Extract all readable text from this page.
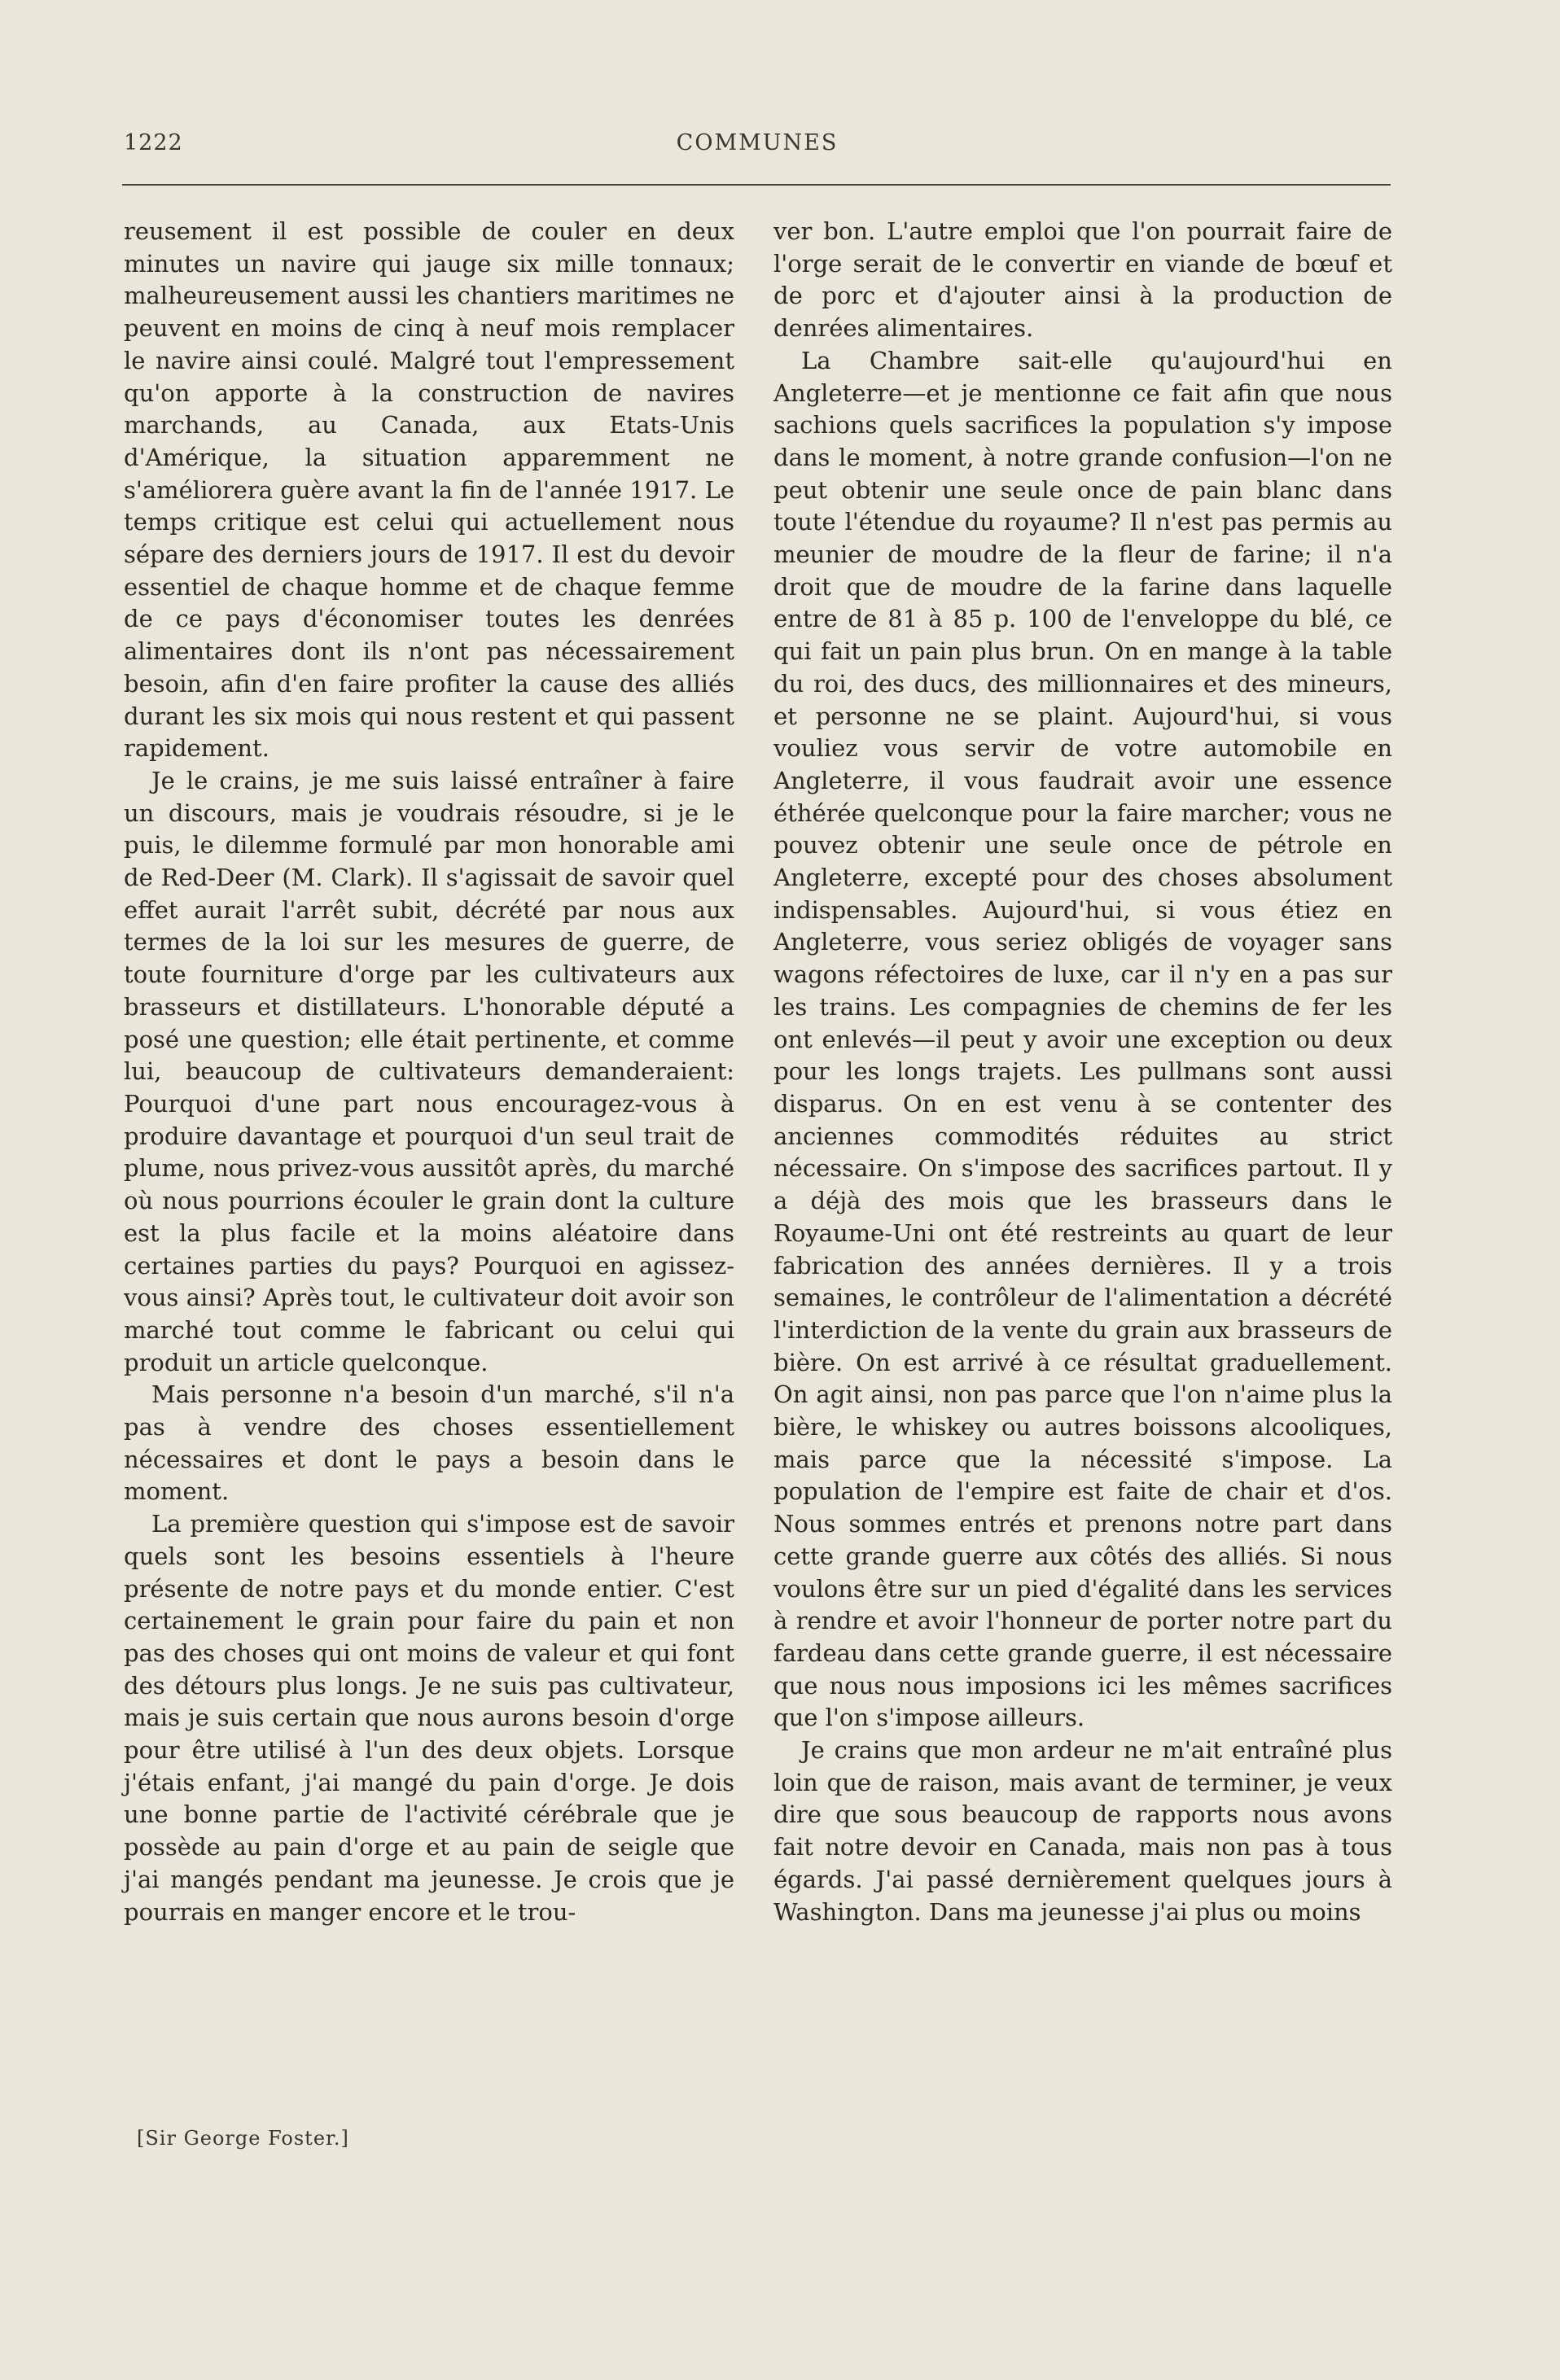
1222	COMMUNES

reusement il est possible de couler en deux minutes un navire qui jauge six mille tonnaux; malheureusement aussi les chantiers maritimes ne peuvent en moins de cinq à neuf mois remplacer le navire ainsi coulé. Malgré tout l'empressement qu'on apporte à la construction de navires marchands, au Canada, aux Etats-Unis d'Amérique, la situation apparemment ne s'améliorera guère avant la fin de l'année 1917. Le temps critique est celui qui actuellement nous sépare des derniers jours de 1917. Il est du devoir essentiel de chaque homme et de chaque femme de ce pays d'économiser toutes les denrées alimentaires dont ils n'ont pas nécessairement besoin, afin d'en faire profiter la cause des alliés durant les six mois qui nous restent et qui passent rapidement.

Je le crains, je me suis laissé entraîner à faire un discours, mais je voudrais résoudre, si je le puis, le dilemme formulé par mon honorable ami de Red-Deer (M. Clark). Il s'agissait de savoir quel effet aurait l'arrêt subit, décrété par nous aux termes de la loi sur les mesures de guerre, de toute fourniture d'orge par les cultivateurs aux brasseurs et distillateurs. L'honorable député a posé une question; elle était pertinente, et comme lui, beaucoup de cultivateurs demanderaient: Pourquoi d'une part nous encouragez-vous à produire davantage et pourquoi d'un seul trait de plume, nous privez-vous aussitôt après, du marché où nous pourrions écouler le grain dont la culture est la plus facile et la moins aléatoire dans certaines parties du pays? Pourquoi en agissez-vous ainsi? Après tout, le cultivateur doit avoir son marché tout comme le fabricant ou celui qui produit un article quelconque.

Mais personne n'a besoin d'un marché, s'il n'a pas à vendre des choses essentiellement nécessaires et dont le pays a besoin dans le moment.

La première question qui s'impose est de savoir quels sont les besoins essentiels à l'heure présente de notre pays et du monde entier. C'est certainement le grain pour faire du pain et non pas des choses qui ont moins de valeur et qui font des détours plus longs. Je ne suis pas cultivateur, mais je suis certain que nous aurons besoin d'orge pour être utilisé à l'un des deux objets. Lorsque j'étais enfant, j'ai mangé du pain d'orge. Je dois une bonne partie de l'activité cérébrale que je possède au pain d'orge et au pain de seigle que j'ai mangés pendant ma jeunesse. Je crois que je pourrais en manger encore et le trou-

[Sir George Foster.]

ver bon. L'autre emploi que l'on pourrait faire de l'orge serait de le convertir en viande de bœuf et de porc et d'ajouter ainsi à la production de denrées alimentaires.

La Chambre sait-elle qu'aujourd'hui en Angleterre—et je mentionne ce fait afin que nous sachions quels sacrifices la population s'y impose dans le moment, à notre grande confusion—l'on ne peut obtenir une seule once de pain blanc dans toute l'étendue du royaume? Il n'est pas permis au meunier de moudre de la fleur de farine; il n'a droit que de moudre de la farine dans laquelle entre de 81 à 85 p. 100 de l'enveloppe du blé, ce qui fait un pain plus brun. On en mange à la table du roi, des ducs, des millionnaires et des mineurs, et personne ne se plaint. Aujourd'hui, si vous vouliez vous servir de votre automobile en Angleterre, il vous faudrait avoir une essence éthérée quelconque pour la faire marcher; vous ne pouvez obtenir une seule once de pétrole en Angleterre, excepté pour des choses absolument indispensables. Aujourd'hui, si vous étiez en Angleterre, vous seriez obligés de voyager sans wagons réfectoires de luxe, car il n'y en a pas sur les trains. Les compagnies de chemins de fer les ont enlevés—il peut y avoir une exception ou deux pour les longs trajets. Les pullmans sont aussi disparus. On en est venu à se contenter des anciennes commodités réduites au strict nécessaire. On s'impose des sacrifices partout. Il y a déjà des mois que les brasseurs dans le Royaume-Uni ont été restreints au quart de leur fabrication des années dernières. Il y a trois semaines, le contrôleur de l'alimentation a décrété l'interdiction de la vente du grain aux brasseurs de bière. On est arrivé à ce résultat graduellement. On agit ainsi, non pas parce que l'on n'aime plus la bière, le whiskey ou autres boissons alcooliques, mais parce que la nécessité s'impose. La population de l'empire est faite de chair et d'os. Nous sommes entrés et prenons notre part dans cette grande guerre aux côtés des alliés. Si nous voulons être sur un pied d'égalité dans les services à rendre et avoir l'honneur de porter notre part du fardeau dans cette grande guerre, il est nécessaire que nous nous imposions ici les mêmes sacrifices que l'on s'impose ailleurs.

Je crains que mon ardeur ne m'ait entraîné plus loin que de raison, mais avant de terminer, je veux dire que sous beaucoup de rapports nous avons fait notre devoir en Canada, mais non pas à tous égards. J'ai passé dernièrement quelques jours à Washington. Dans ma jeunesse j'ai plus ou moins
